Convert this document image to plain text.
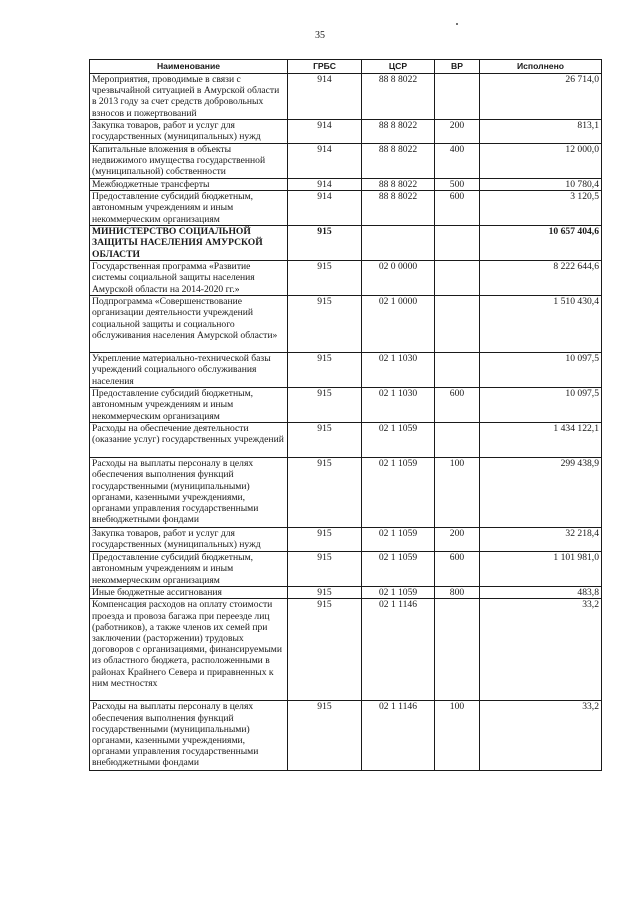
35
Наименование	ГРБС	ЦСР	ВР	Исполнено
Мероприятия, проводимые в связи с чрезвычайной ситуацией в Амурской области в 2013 году за счет средств добровольных взносов и пожертвований	914	88 8 8022		26 714,0
Закупка товаров, работ и услуг для государственных (муниципальных) нужд	914	88 8 8022	200	813,1
Капитальные вложения в объекты недвижимого имущества государственной (муниципальной) собственности	914	88 8 8022	400	12 000,0
Межбюджетные трансферты	914	88 8 8022	500	10 780,4
Предоставление субсидий бюджетным, автономным учреждениям и иным некоммерческим организациям	914	88 8 8022	600	3 120,5
МИНИСТЕРСТВО СОЦИАЛЬНОЙ ЗАЩИТЫ НАСЕЛЕНИЯ АМУРСКОЙ ОБЛАСТИ	915			10 657 404,6
Государственная программа «Развитие системы социальной защиты населения Амурской области на 2014-2020 гг.»	915	02 0 0000		8 222 644,6
Подпрограмма «Совершенствование организации деятельности учреждений социальной защиты и социального обслуживания населения Амурской области»	915	02 1 0000		1 510 430,4
Укрепление материально-технической базы учреждений социального обслуживания населения	915	02 1 1030		10 097,5
Предоставление субсидий бюджетным, автономным учреждениям и иным некоммерческим организациям	915	02 1 1030	600	10 097,5
Расходы на обеспечение деятельности (оказание услуг) государственных учреждений	915	02 1 1059		1 434 122,1
Расходы на выплаты персоналу в целях обеспечения выполнения функций государственными (муниципальными) органами, казенными учреждениями, органами управления государственными внебюджетными фондами	915	02 1 1059	100	299 438,9
Закупка товаров, работ и услуг для государственных (муниципальных) нужд	915	02 1 1059	200	32 218,4
Предоставление субсидий бюджетным, автономным учреждениям и иным некоммерческим организациям	915	02 1 1059	600	1 101 981,0
Иные бюджетные ассигнования	915	02 1 1059	800	483,8
Компенсация расходов на оплату стоимости проезда и провоза багажа при переезде лиц (работников), а также членов их семей при заключении (расторжении) трудовых договоров с организациями, финансируемыми из областного бюджета, расположенными в районах Крайнего Севера и приравненных к ним местностях	915	02 1 1146		33,2
Расходы на выплаты персоналу в целях обеспечения выполнения функций государственными (муниципальными) органами, казенными учреждениями, органами управления государственными внебюджетными фондами	915	02 1 1146	100	33,2
